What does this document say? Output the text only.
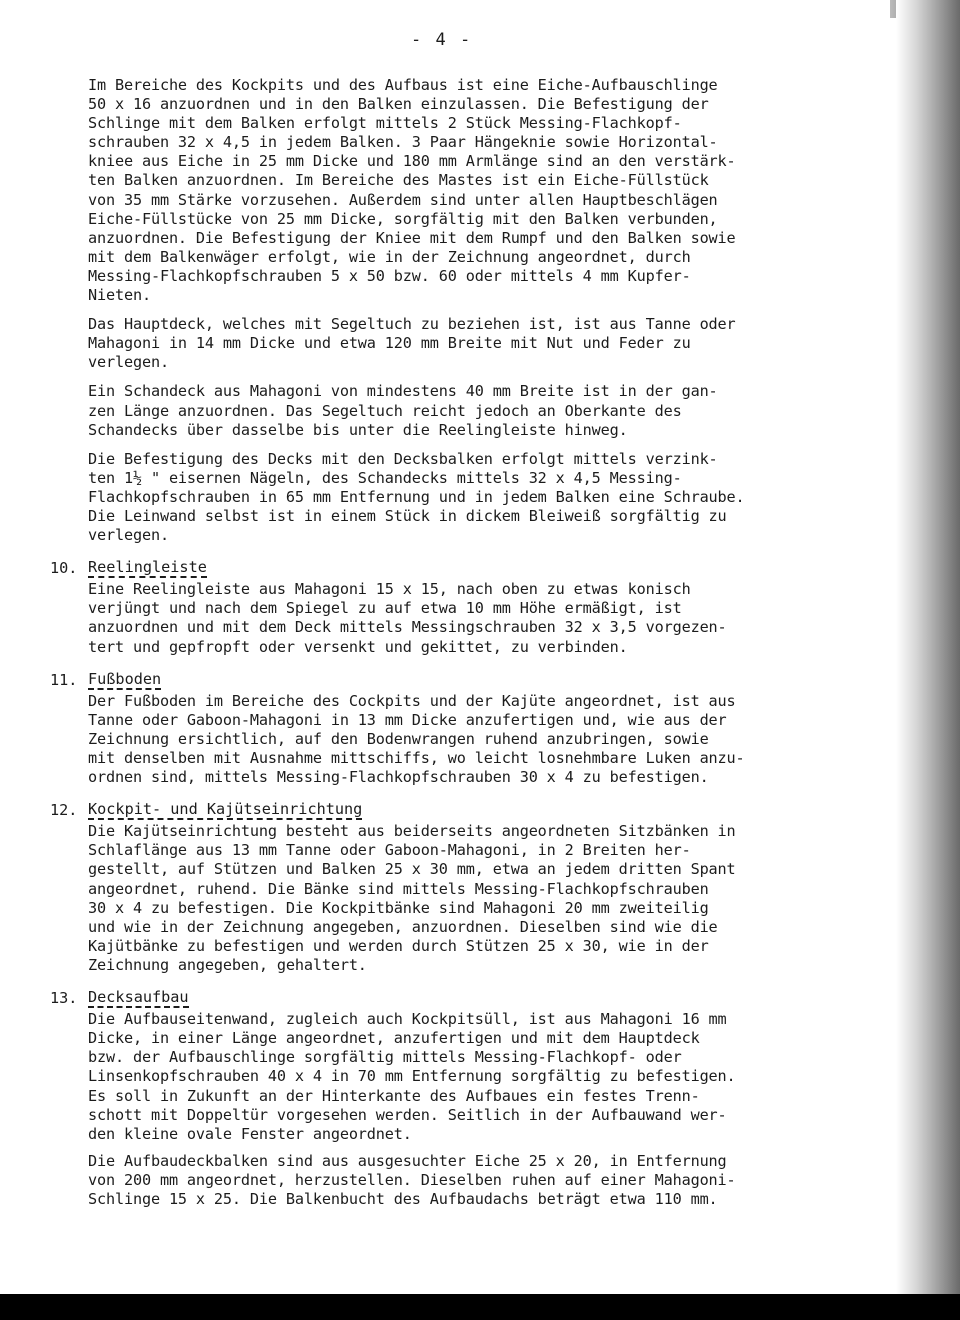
- 4 -

Im Bereiche des Kockpits und des Aufbaus ist eine Eiche-Aufbauschlinge
50 x 16 anzuordnen und in den Balken einzulassen. Die Befestigung der
Schlinge mit dem Balken erfolgt mittels 2 Stück Messing-Flachkopf-
schrauben 32 x 4,5 in jedem Balken. 3 Paar Hängeknie sowie Horizontal-
kniee aus Eiche in 25 mm Dicke und 180 mm Armlänge sind an den verstärk-
ten Balken anzuordnen. Im Bereiche des Mastes ist ein Eiche-Füllstück
von 35 mm Stärke vorzusehen. Außerdem sind unter allen Hauptbeschlägen
Eiche-Füllstücke von 25 mm Dicke, sorgfältig mit den Balken verbunden,
anzuordnen. Die Befestigung der Kniee mit dem Rumpf und den Balken sowie
mit dem Balkenwäger erfolgt, wie in der Zeichnung angeordnet, durch
Messing-Flachkopfschrauben 5 x 50 bzw. 60 oder mittels 4 mm Kupfer-
Nieten.

Das Hauptdeck, welches mit Segeltuch zu beziehen ist, ist aus Tanne oder
Mahagoni in 14 mm Dicke und etwa 120 mm Breite mit Nut und Feder zu
verlegen.

Ein Schandeck aus Mahagoni von mindestens 40 mm Breite ist in der gan-
zen Länge anzuordnen. Das Segeltuch reicht jedoch an Oberkante des
Schandecks über dasselbe bis unter die Reelingleiste hinweg.

Die Befestigung des Decks mit den Decksbalken erfolgt mittels verzink-
ten 1½ " eisernen Nägeln, des Schandecks mittels 32 x 4,5 Messing-
Flachkopfschrauben in 65 mm Entfernung und in jedem Balken eine Schraube.
Die Leinwand selbst ist in einem Stück in dickem Bleiweiß sorgfältig zu
verlegen.

10. Reelingleiste

Eine Reelingleiste aus Mahagoni 15 x 15, nach oben zu etwas konisch
verjüngt und nach dem Spiegel zu auf etwa 10 mm Höhe ermäßigt, ist
anzuordnen und mit dem Deck mittels Messingschrauben 32 x 3,5 vorgezen-
tert und gepfropft oder versenkt und gekittet, zu verbinden.

11. Fußboden

Der Fußboden im Bereiche des Cockpits und der Kajüte angeordnet, ist aus
Tanne oder Gaboon-Mahagoni in 13 mm Dicke anzufertigen und, wie aus der
Zeichnung ersichtlich, auf den Bodenwrangen ruhend anzubringen, sowie
mit denselben mit Ausnahme mittschiffs, wo leicht losnehmbare Luken anzu-
ordnen sind, mittels Messing-Flachkopfschrauben 30 x 4 zu befestigen.

12. Kockpit- und Kajütseinrichtung

Die Kajütseinrichtung besteht aus beiderseits angeordneten Sitzbänken in
Schlaflänge aus 13 mm Tanne oder Gaboon-Mahagoni, in 2 Breiten her-
gestellt, auf Stützen und Balken 25 x 30 mm, etwa an jedem dritten Spant
angeordnet, ruhend. Die Bänke sind mittels Messing-Flachkopfschrauben
30 x 4 zu befestigen. Die Kockpitbänke sind Mahagoni 20 mm zweiteilig
und wie in der Zeichnung angegeben, anzuordnen. Dieselben sind wie die
Kajütbänke zu befestigen und werden durch Stützen 25 x 30, wie in der
Zeichnung angegeben, gehaltert.

13. Decksaufbau

Die Aufbauseitenwand, zugleich auch Kockpitsüll, ist aus Mahagoni 16 mm
Dicke, in einer Länge angeordnet, anzufertigen und mit dem Hauptdeck
bzw. der Aufbauschlinge sorgfältig mittels Messing-Flachkopf- oder
Linsenkopfschrauben 40 x 4 in 70 mm Entfernung sorgfältig zu befestigen.
Es soll in Zukunft an der Hinterkante des Aufbaues ein festes Trenn-
schott mit Doppeltür vorgesehen werden. Seitlich in der Aufbauwand wer-
den kleine ovale Fenster angeordnet.

Die Aufbaudeckbalken sind aus ausgesuchter Eiche 25 x 20, in Entfernung
von 200 mm angeordnet, herzustellen. Dieselben ruhen auf einer Mahagoni-
Schlinge 15 x 25. Die Balkenbucht des Aufbaudachs beträgt etwa 110 mm.
